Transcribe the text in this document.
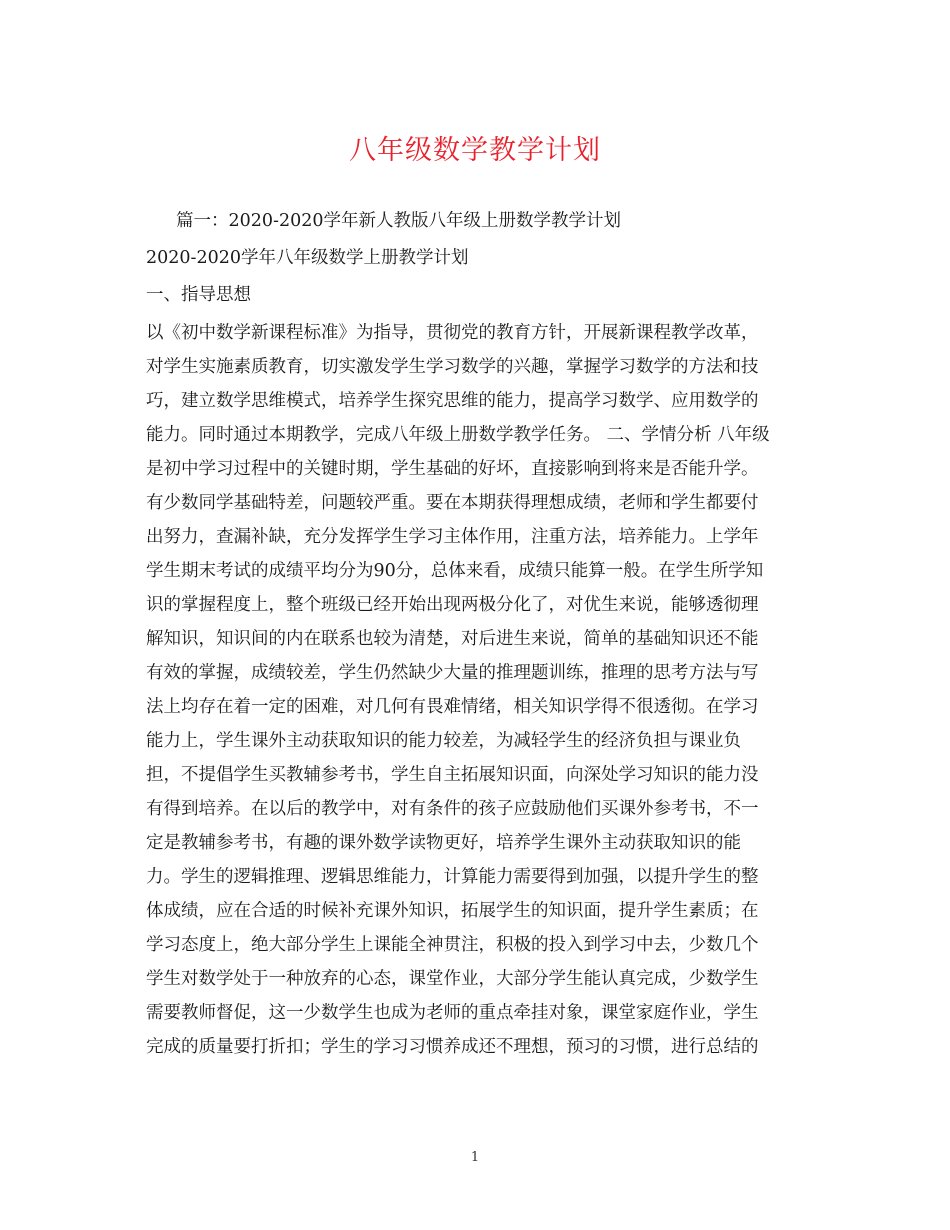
八年级数学教学计划
篇一：2020-2020学年新人教版八年级上册数学教学计划
2020-2020学年八年级数学上册教学计划
一、指导思想
以《初中数学新课程标准》为指导，贯彻党的教育方针，开展新课程教学改革，
对学生实施素质教育，切实激发学生学习数学的兴趣，掌握学习数学的方法和技
巧，建立数学思维模式，培养学生探究思维的能力，提高学习数学、应用数学的
能力。同时通过本期教学，完成八年级上册数学教学任务。 二、学情分析 八年级
是初中学习过程中的关键时期，学生基础的好坏，直接影响到将来是否能升学。
有少数同学基础特差，问题较严重。要在本期获得理想成绩，老师和学生都要付
出努力，查漏补缺，充分发挥学生学习主体作用，注重方法，培养能力。上学年
学生期末考试的成绩平均分为90分，总体来看，成绩只能算一般。在学生所学知
识的掌握程度上，整个班级已经开始出现两极分化了，对优生来说，能够透彻理
解知识，知识间的内在联系也较为清楚，对后进生来说，简单的基础知识还不能
有效的掌握，成绩较差，学生仍然缺少大量的推理题训练，推理的思考方法与写
法上均存在着一定的困难，对几何有畏难情绪，相关知识学得不很透彻。在学习
能力上，学生课外主动获取知识的能力较差，为减轻学生的经济负担与课业负
担，不提倡学生买教辅参考书，学生自主拓展知识面，向深处学习知识的能力没
有得到培养。在以后的教学中，对有条件的孩子应鼓励他们买课外参考书，不一
定是教辅参考书，有趣的课外数学读物更好，培养学生课外主动获取知识的能
力。学生的逻辑推理、逻辑思维能力，计算能力需要得到加强，以提升学生的整
体成绩，应在合适的时候补充课外知识，拓展学生的知识面，提升学生素质；在
学习态度上，绝大部分学生上课能全神贯注，积极的投入到学习中去，少数几个
学生对数学处于一种放弃的心态，课堂作业，大部分学生能认真完成，少数学生
需要教师督促，这一少数学生也成为老师的重点牵挂对象，课堂家庭作业，学生
完成的质量要打折扣；学生的学习习惯养成还不理想，预习的习惯，进行总结的
1
